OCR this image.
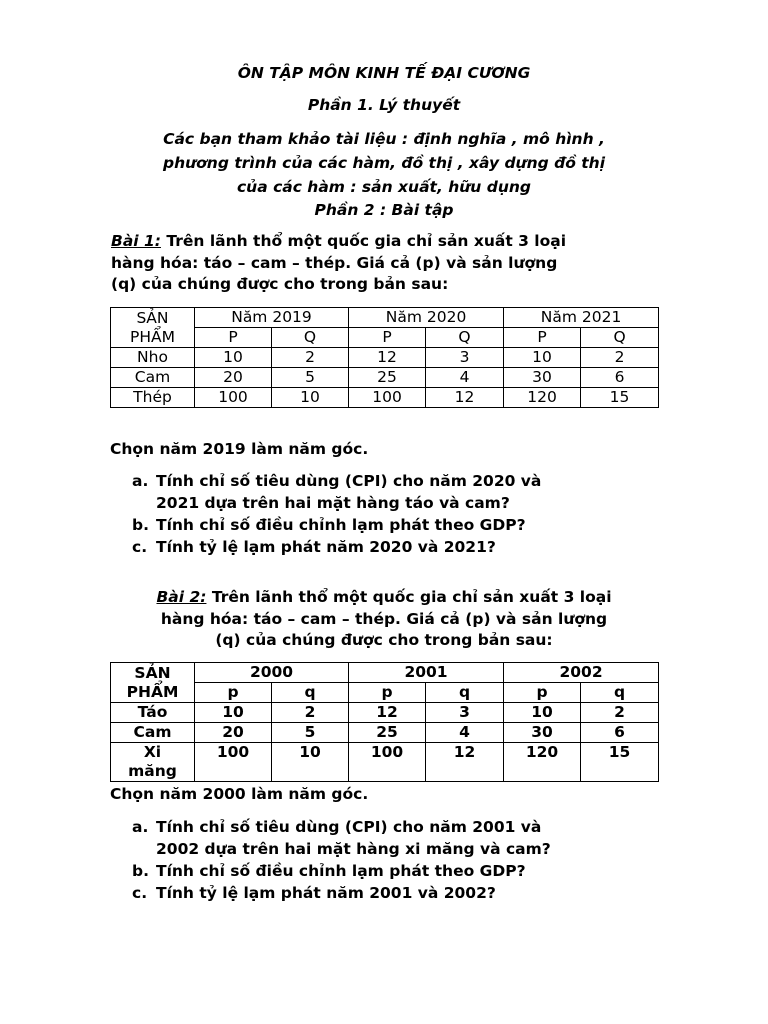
ÔN TẬP MÔN KINH TẾ ĐẠI CƯƠNG
Phần 1. Lý thuyết
Các bạn tham khảo tài liệu : định nghĩa , mô hình ,
phương trình của các hàm, đồ thị , xây dựng đồ thị
của các hàm : sản xuất, hữu dụng
Phần 2 : Bài tập
Bài 1: Trên lãnh thổ một quốc gia chỉ sản xuất 3 loại
hàng hóa: táo – cam – thép. Giá cả (p) và sản lượng
(q) của chúng được cho trong bản sau:
SẢN
PHẨM	Năm 2019		Năm 2020		Năm 2021	
	P	Q	P	Q	P	Q
Nho	10	2	12	3	10	2
Cam	20	5	25	4	30	6
Thép	100	10	100	12	120	15
Chọn năm 2019 làm năm góc.
a. Tính chỉ số tiêu dùng (CPI) cho năm 2020 và
2021 dựa trên hai mặt hàng táo và cam?
b. Tính chỉ số điều chỉnh lạm phát theo GDP?
c. Tính tỷ lệ lạm phát năm 2020 và 2021?
Bài 2: Trên lãnh thổ một quốc gia chỉ sản xuất 3 loại
hàng hóa: táo – cam – thép. Giá cả (p) và sản lượng
(q) của chúng được cho trong bản sau:
SẢN
PHẨM	2000		2001		2002	
	p	q	p	q	p	q
Táo	10	2	12	3	10	2
Cam	20	5	25	4	30	6

Xi
măng	100	10	100	12	120	15
Chọn năm 2000 làm năm góc.
a. Tính chỉ số tiêu dùng (CPI) cho năm 2001 và
2002 dựa trên hai mặt hàng xi măng và cam?
b. Tính chỉ số điều chỉnh lạm phát theo GDP?
c. Tính tỷ lệ lạm phát năm 2001 và 2002?
